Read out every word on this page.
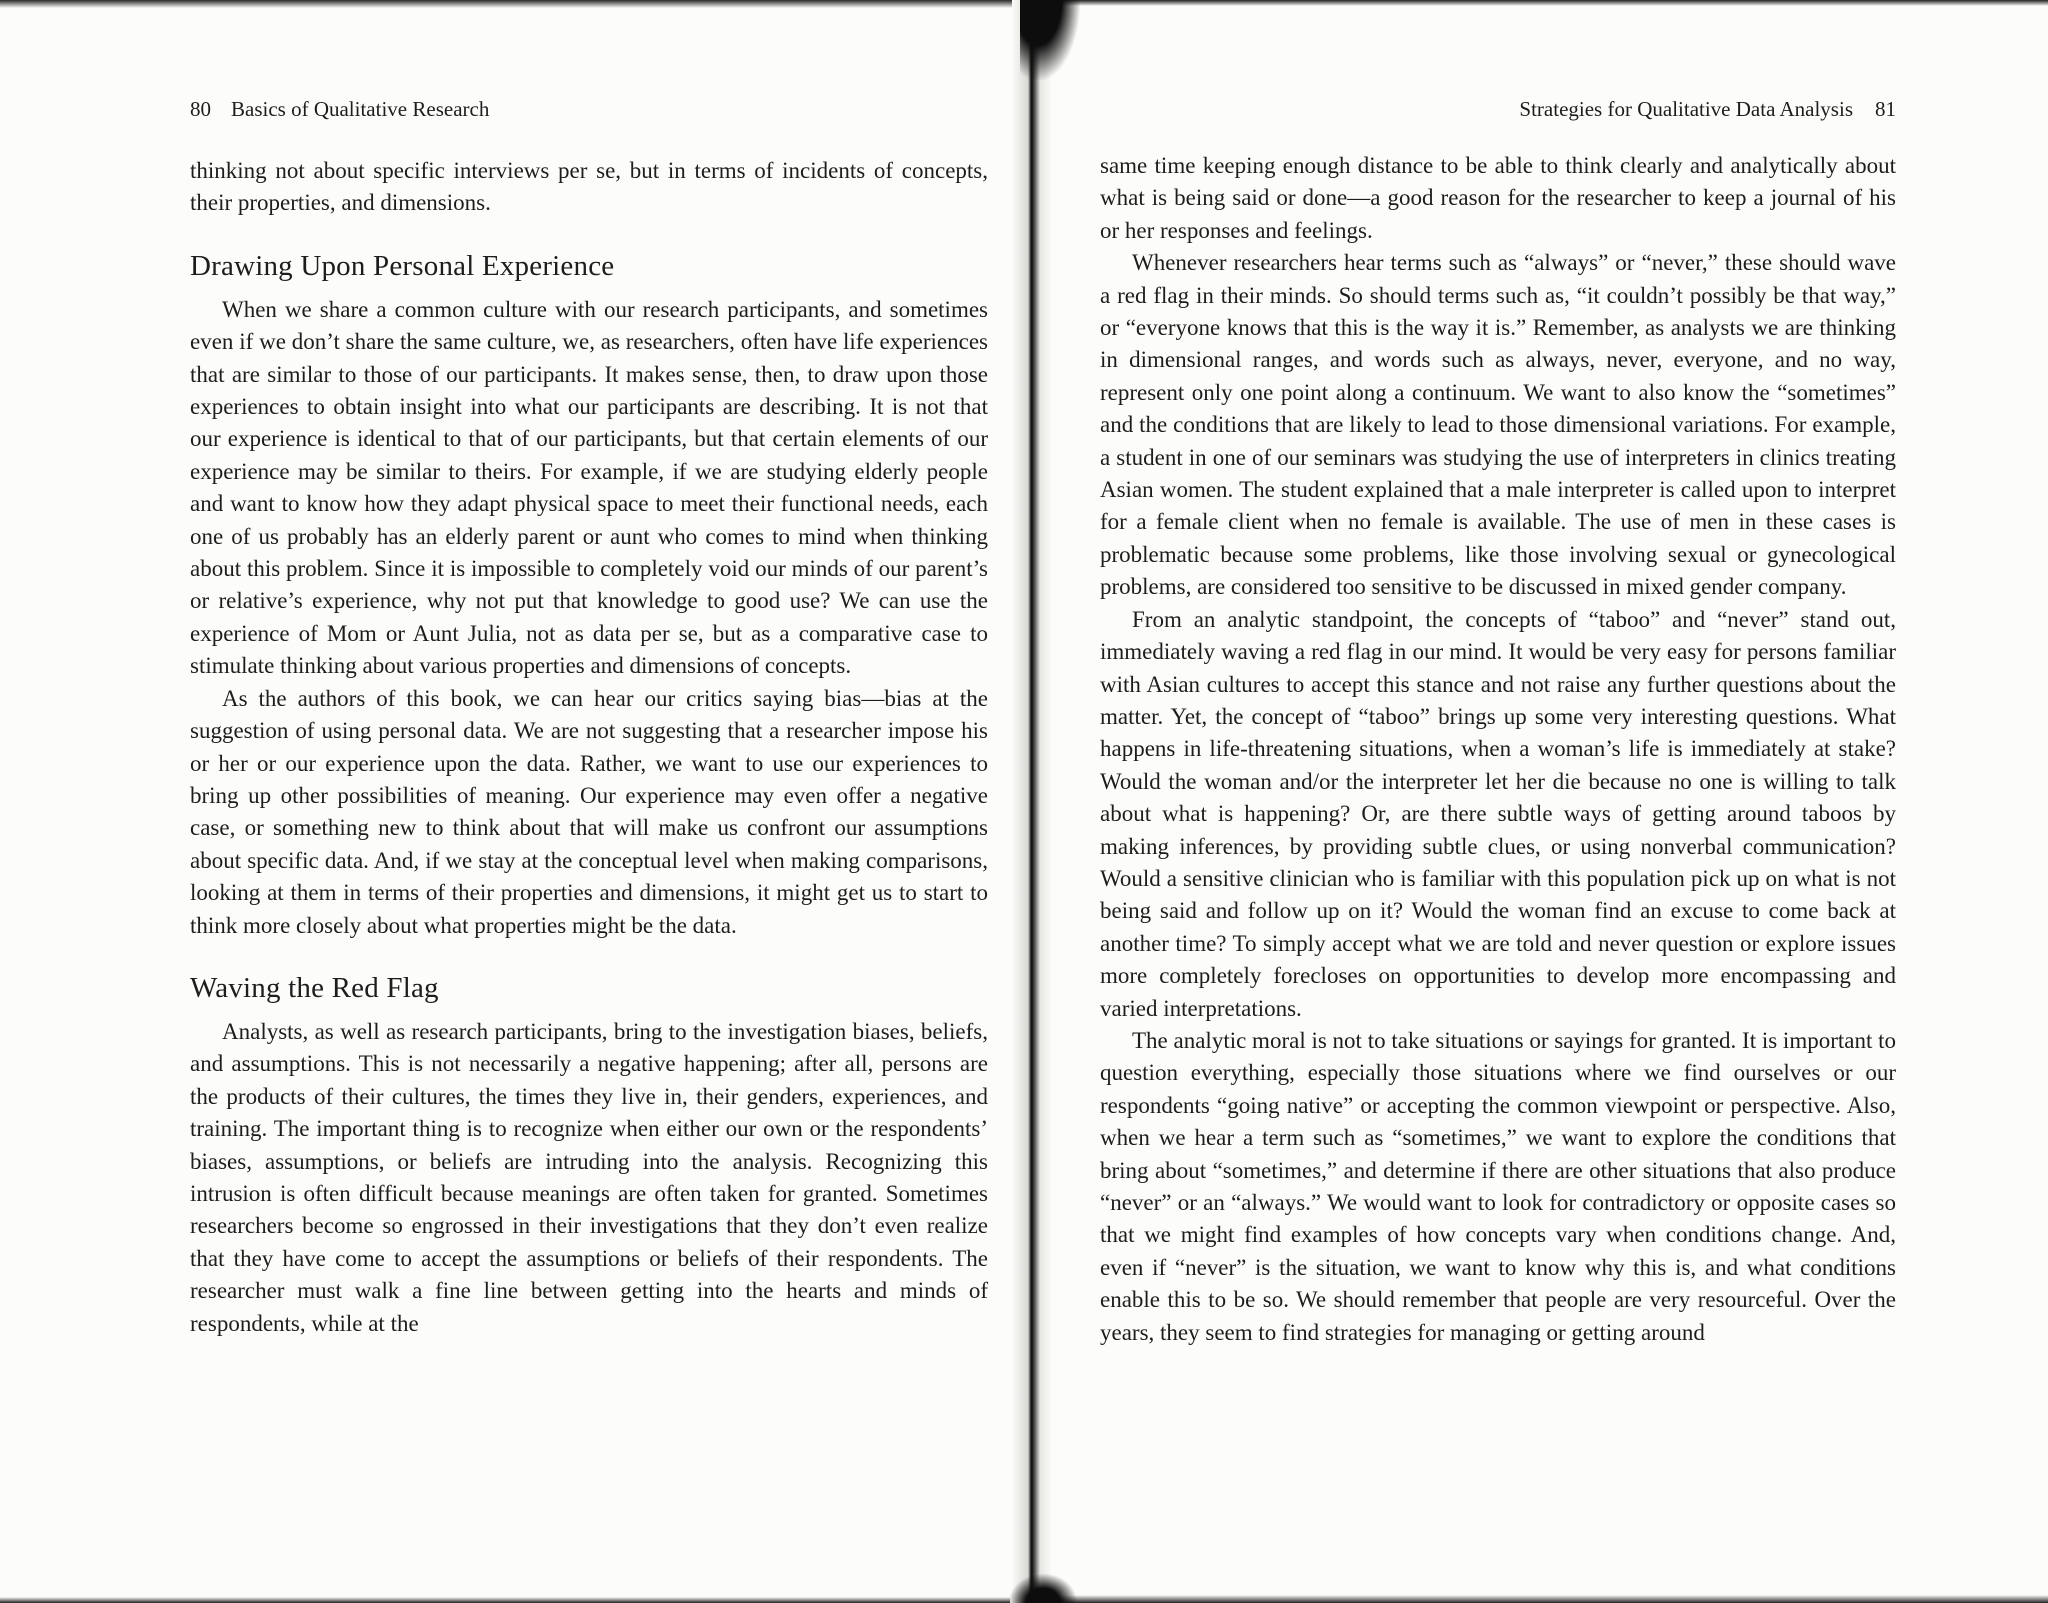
80 Basics of Qualitative Research

thinking not about specific interviews per se, but in terms of incidents of concepts, their properties, and dimensions.

Drawing Upon Personal Experience

When we share a common culture with our research participants, and sometimes even if we don’t share the same culture, we, as researchers, often have life experiences that are similar to those of our participants. It makes sense, then, to draw upon those experiences to obtain insight into what our participants are describing. It is not that our experience is identical to that of our participants, but that certain elements of our experience may be similar to theirs. For example, if we are studying elderly people and want to know how they adapt physical space to meet their functional needs, each one of us probably has an elderly parent or aunt who comes to mind when thinking about this problem. Since it is impossible to completely void our minds of our parent’s or relative’s experience, why not put that knowledge to good use? We can use the experience of Mom or Aunt Julia, not as data per se, but as a comparative case to stimulate thinking about various properties and dimensions of concepts.

As the authors of this book, we can hear our critics saying bias—bias at the suggestion of using personal data. We are not suggesting that a researcher impose his or her or our experience upon the data. Rather, we want to use our experiences to bring up other possibilities of meaning. Our experience may even offer a negative case, or something new to think about that will make us confront our assumptions about specific data. And, if we stay at the conceptual level when making comparisons, looking at them in terms of their properties and dimensions, it might get us to start to think more closely about what properties might be the data.

Waving the Red Flag

Analysts, as well as research participants, bring to the investigation biases, beliefs, and assumptions. This is not necessarily a negative happening; after all, persons are the products of their cultures, the times they live in, their genders, experiences, and training. The important thing is to recognize when either our own or the respondents’ biases, assumptions, or beliefs are intruding into the analysis. Recognizing this intrusion is often difficult because meanings are often taken for granted. Sometimes researchers become so engrossed in their investigations that they don’t even realize that they have come to accept the assumptions or beliefs of their respondents. The researcher must walk a fine line between getting into the hearts and minds of respondents, while at the

Strategies for Qualitative Data Analysis 81

same time keeping enough distance to be able to think clearly and analytically about what is being said or done—a good reason for the researcher to keep a journal of his or her responses and feelings.

Whenever researchers hear terms such as “always” or “never,” these should wave a red flag in their minds. So should terms such as, “it couldn’t possibly be that way,” or “everyone knows that this is the way it is.” Remember, as analysts we are thinking in dimensional ranges, and words such as always, never, everyone, and no way, represent only one point along a continuum. We want to also know the “sometimes” and the conditions that are likely to lead to those dimensional variations. For example, a student in one of our seminars was studying the use of interpreters in clinics treating Asian women. The student explained that a male interpreter is called upon to interpret for a female client when no female is available. The use of men in these cases is problematic because some problems, like those involving sexual or gynecological problems, are considered too sensitive to be discussed in mixed gender company.

From an analytic standpoint, the concepts of “taboo” and “never” stand out, immediately waving a red flag in our mind. It would be very easy for persons familiar with Asian cultures to accept this stance and not raise any further questions about the matter. Yet, the concept of “taboo” brings up some very interesting questions. What happens in life-threatening situations, when a woman’s life is immediately at stake? Would the woman and/or the interpreter let her die because no one is willing to talk about what is happening? Or, are there subtle ways of getting around taboos by making inferences, by providing subtle clues, or using nonverbal communication? Would a sensitive clinician who is familiar with this population pick up on what is not being said and follow up on it? Would the woman find an excuse to come back at another time? To simply accept what we are told and never question or explore issues more completely forecloses on opportunities to develop more encompassing and varied interpretations.

The analytic moral is not to take situations or sayings for granted. It is important to question everything, especially those situations where we find ourselves or our respondents “going native” or accepting the common viewpoint or perspective. Also, when we hear a term such as “sometimes,” we want to explore the conditions that bring about “sometimes,” and determine if there are other situations that also produce “never” or an “always.” We would want to look for contradictory or opposite cases so that we might find examples of how concepts vary when conditions change. And, even if “never” is the situation, we want to know why this is, and what conditions enable this to be so. We should remember that people are very resourceful. Over the years, they seem to find strategies for managing or getting around
